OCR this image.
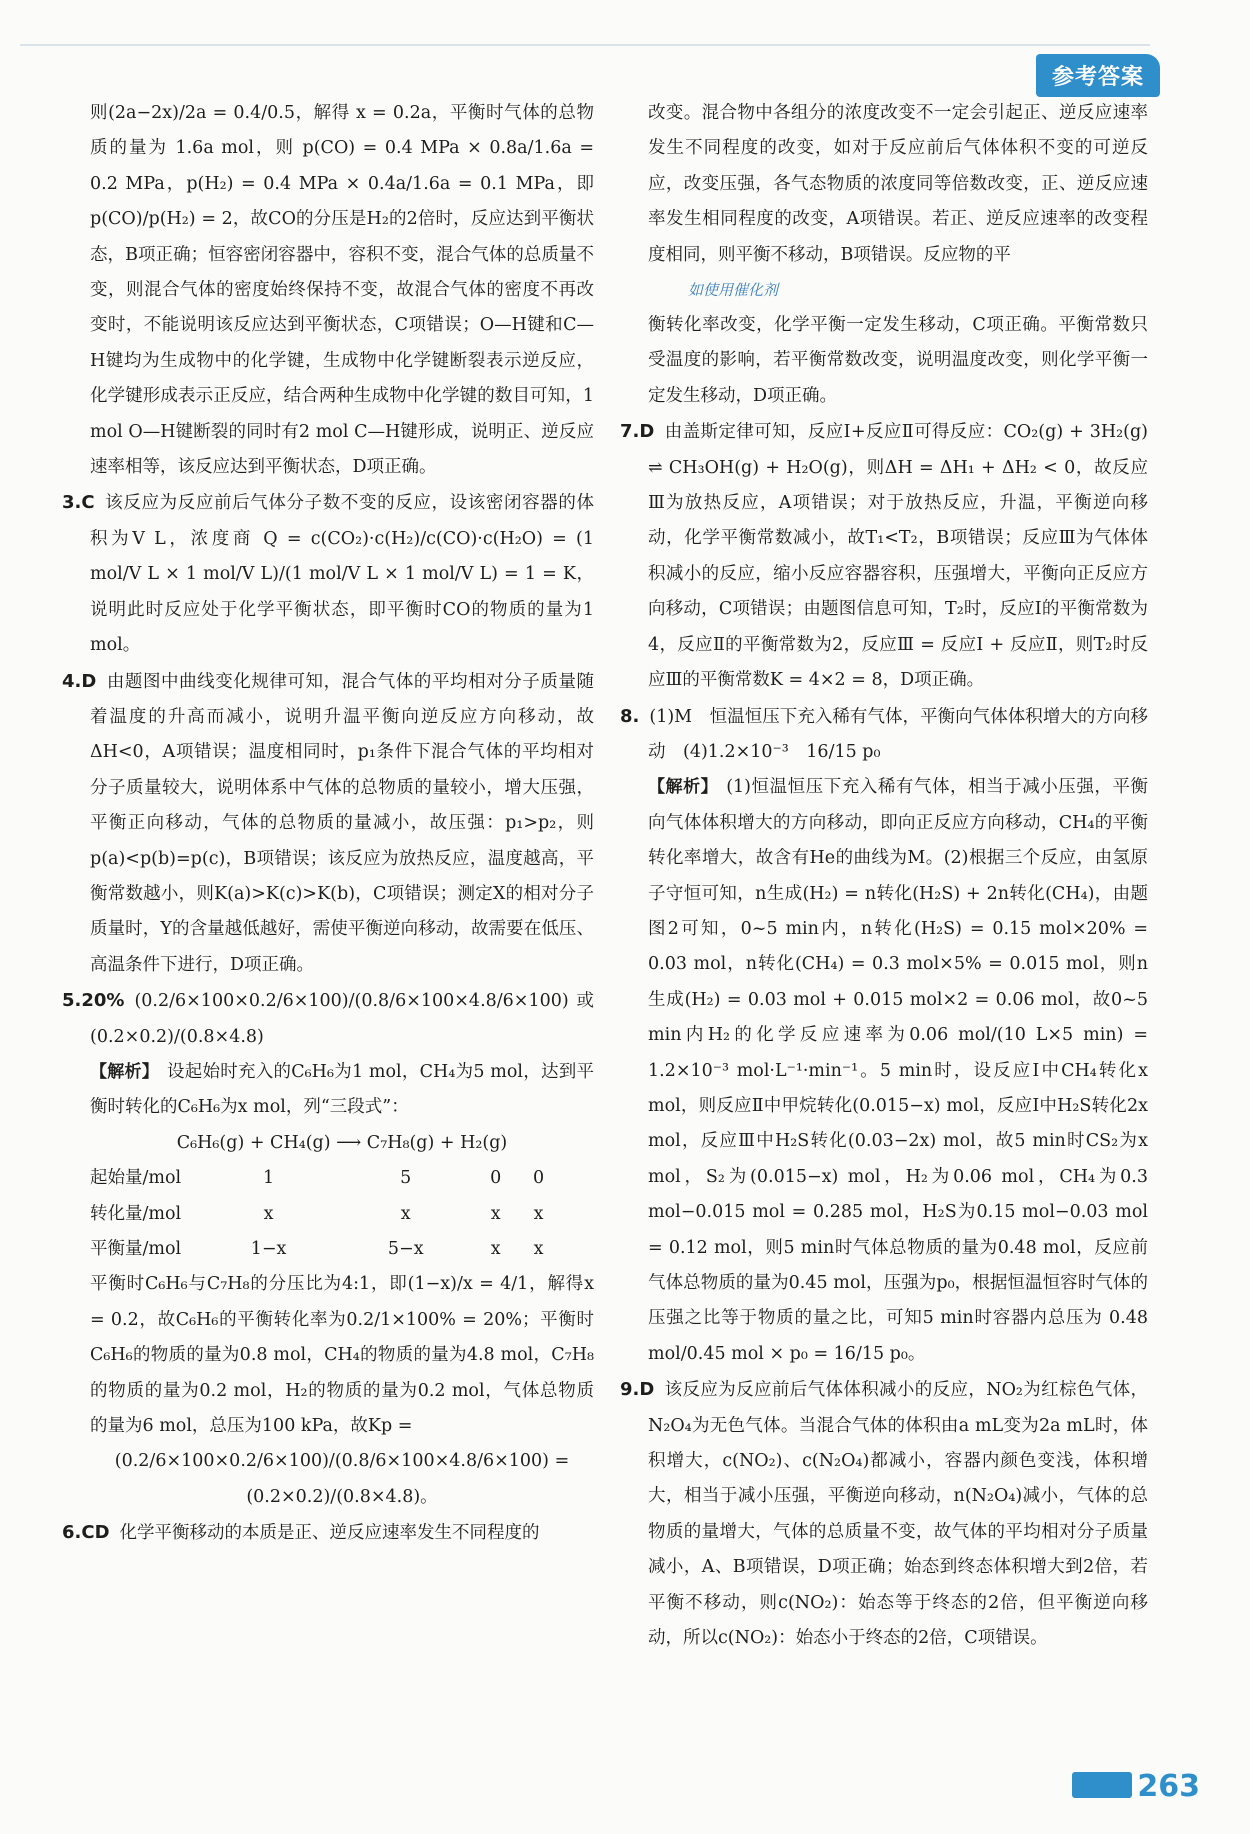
参考答案

则(2a−2x)/2a = 0.4/0.5，解得 x = 0.2a，平衡时气体的总物质的量为 1.6a mol，则 p(CO) = 0.4 MPa × 0.8a/1.6a = 0.2 MPa，p(H₂) = 0.4 MPa × 0.4a/1.6a = 0.1 MPa，即 p(CO)/p(H₂) = 2，故CO的分压是H₂的2倍时，反应达到平衡状态，B项正确；恒容密闭容器中，容积不变，混合气体的总质量不变，则混合气体的密度始终保持不变，故混合气体的密度不再改变时，不能说明该反应达到平衡状态，C项错误；O—H键和C—H键均为生成物中的化学键，生成物中化学键断裂表示逆反应，化学键形成表示正反应，结合两种生成物中化学键的数目可知，1 mol O—H键断裂的同时有2 mol C—H键形成，说明正、逆反应速率相等，该反应达到平衡状态，D项正确。

3.C 该反应为反应前后气体分子数不变的反应，设该密闭容器的体积为V L，浓度商 Q = c(CO₂)·c(H₂)/c(CO)·c(H₂O) = (1 mol/V L × 1 mol/V L)/(1 mol/V L × 1 mol/V L) = 1 = K，说明此时反应处于化学平衡状态，即平衡时CO的物质的量为1 mol。

4.D 由题图中曲线变化规律可知，混合气体的平均相对分子质量随着温度的升高而减小，说明升温平衡向逆反应方向移动，故ΔH<0，A项错误；温度相同时，p₁条件下混合气体的平均相对分子质量较大，说明体系中气体的总物质的量较小，增大压强，平衡正向移动，气体的总物质的量减小，故压强：p₁>p₂，则p(a)<p(b)=p(c)，B项错误；该反应为放热反应，温度越高，平衡常数越小，则K(a)>K(c)>K(b)，C项错误；测定X的相对分子质量时，Y的含量越低越好，需使平衡逆向移动，故需要在低压、高温条件下进行，D项正确。

5.20% (0.2/6×100×0.2/6×100)/(0.8/6×100×4.8/6×100) 或 (0.2×0.2)/(0.8×4.8)

【解析】 设起始时充入的C₆H₆为1 mol，CH₄为5 mol，达到平衡时转化的C₆H₆为x mol，列“三段式”：

C₆H₆(g) + CH₄(g) ⟶ C₇H₈(g) + H₂(g)

起始量/mol	1	5	0	0
转化量/mol	x	x	x	x
平衡量/mol	1−x	5−x	x	x

平衡时C₆H₆与C₇H₈的分压比为4:1，即(1−x)/x = 4/1，解得x = 0.2，故C₆H₆的平衡转化率为0.2/1×100% = 20%；平衡时C₆H₆的物质的量为0.8 mol，CH₄的物质的量为4.8 mol，C₇H₈的物质的量为0.2 mol，H₂的物质的量为0.2 mol，气体总物质的量为6 mol，总压为100 kPa，故Kp =

(0.2/6×100×0.2/6×100)/(0.8/6×100×4.8/6×100) = (0.2×0.2)/(0.8×4.8)。

6.CD 化学平衡移动的本质是正、逆反应速率发生不同程度的

改变。混合物中各组分的浓度改变不一定会引起正、逆反应速率发生不同程度的改变，如对于反应前后气体体积不变的可逆反应，改变压强，各气态物质的浓度同等倍数改变，正、逆反应速率发生相同程度的改变，A项错误。若正、逆反应速率的改变程度相同，则平衡不移动，B项错误。反应物的平

如使用催化剂

衡转化率改变，化学平衡一定发生移动，C项正确。平衡常数只受温度的影响，若平衡常数改变，说明温度改变，则化学平衡一定发生移动，D项正确。

7.D 由盖斯定律可知，反应Ⅰ+反应Ⅱ可得反应：CO₂(g) + 3H₂(g) ⇌ CH₃OH(g) + H₂O(g)，则ΔH = ΔH₁ + ΔH₂ < 0，故反应Ⅲ为放热反应，A项错误；对于放热反应，升温，平衡逆向移动，化学平衡常数减小，故T₁<T₂，B项错误；反应Ⅲ为气体体积减小的反应，缩小反应容器容积，压强增大，平衡向正反应方向移动，C项错误；由题图信息可知，T₂时，反应Ⅰ的平衡常数为4，反应Ⅱ的平衡常数为2，反应Ⅲ = 反应Ⅰ + 反应Ⅱ，则T₂时反应Ⅲ的平衡常数K = 4×2 = 8，D项正确。

8. (1)M　恒温恒压下充入稀有气体，平衡向气体体积增大的方向移动　(4)1.2×10⁻³　16/15 p₀

【解析】 (1)恒温恒压下充入稀有气体，相当于减小压强，平衡向气体体积增大的方向移动，即向正反应方向移动，CH₄的平衡转化率增大，故含有He的曲线为M。(2)根据三个反应，由氢原子守恒可知，n生成(H₂) = n转化(H₂S) + 2n转化(CH₄)，由题图2可知，0~5 min内，n转化(H₂S) = 0.15 mol×20% = 0.03 mol，n转化(CH₄) = 0.3 mol×5% = 0.015 mol，则n生成(H₂) = 0.03 mol + 0.015 mol×2 = 0.06 mol，故0~5 min内H₂的化学反应速率为0.06 mol/(10 L×5 min) = 1.2×10⁻³ mol·L⁻¹·min⁻¹。5 min时，设反应Ⅰ中CH₄转化x mol，则反应Ⅱ中甲烷转化(0.015−x) mol，反应Ⅰ中H₂S转化2x mol，反应Ⅲ中H₂S转化(0.03−2x) mol，故5 min时CS₂为x mol，S₂为(0.015−x) mol，H₂为0.06 mol，CH₄为0.3 mol−0.015 mol = 0.285 mol，H₂S为0.15 mol−0.03 mol = 0.12 mol，则5 min时气体总物质的量为0.48 mol，反应前气体总物质的量为0.45 mol，压强为p₀，根据恒温恒容时气体的压强之比等于物质的量之比，可知5 min时容器内总压为 0.48 mol/0.45 mol × p₀ = 16/15 p₀。

9.D 该反应为反应前后气体体积减小的反应，NO₂为红棕色气体，N₂O₄为无色气体。当混合气体的体积由a mL变为2a mL时，体积增大，c(NO₂)、c(N₂O₄)都减小，容器内颜色变浅，体积增大，相当于减小压强，平衡逆向移动，n(N₂O₄)减小，气体的总物质的量增大，气体的总质量不变，故气体的平均相对分子质量减小，A、B项错误，D项正确；始态到终态体积增大到2倍，若平衡不移动，则c(NO₂)：始态等于终态的2倍，但平衡逆向移动，所以c(NO₂)：始态小于终态的2倍，C项错误。

263
